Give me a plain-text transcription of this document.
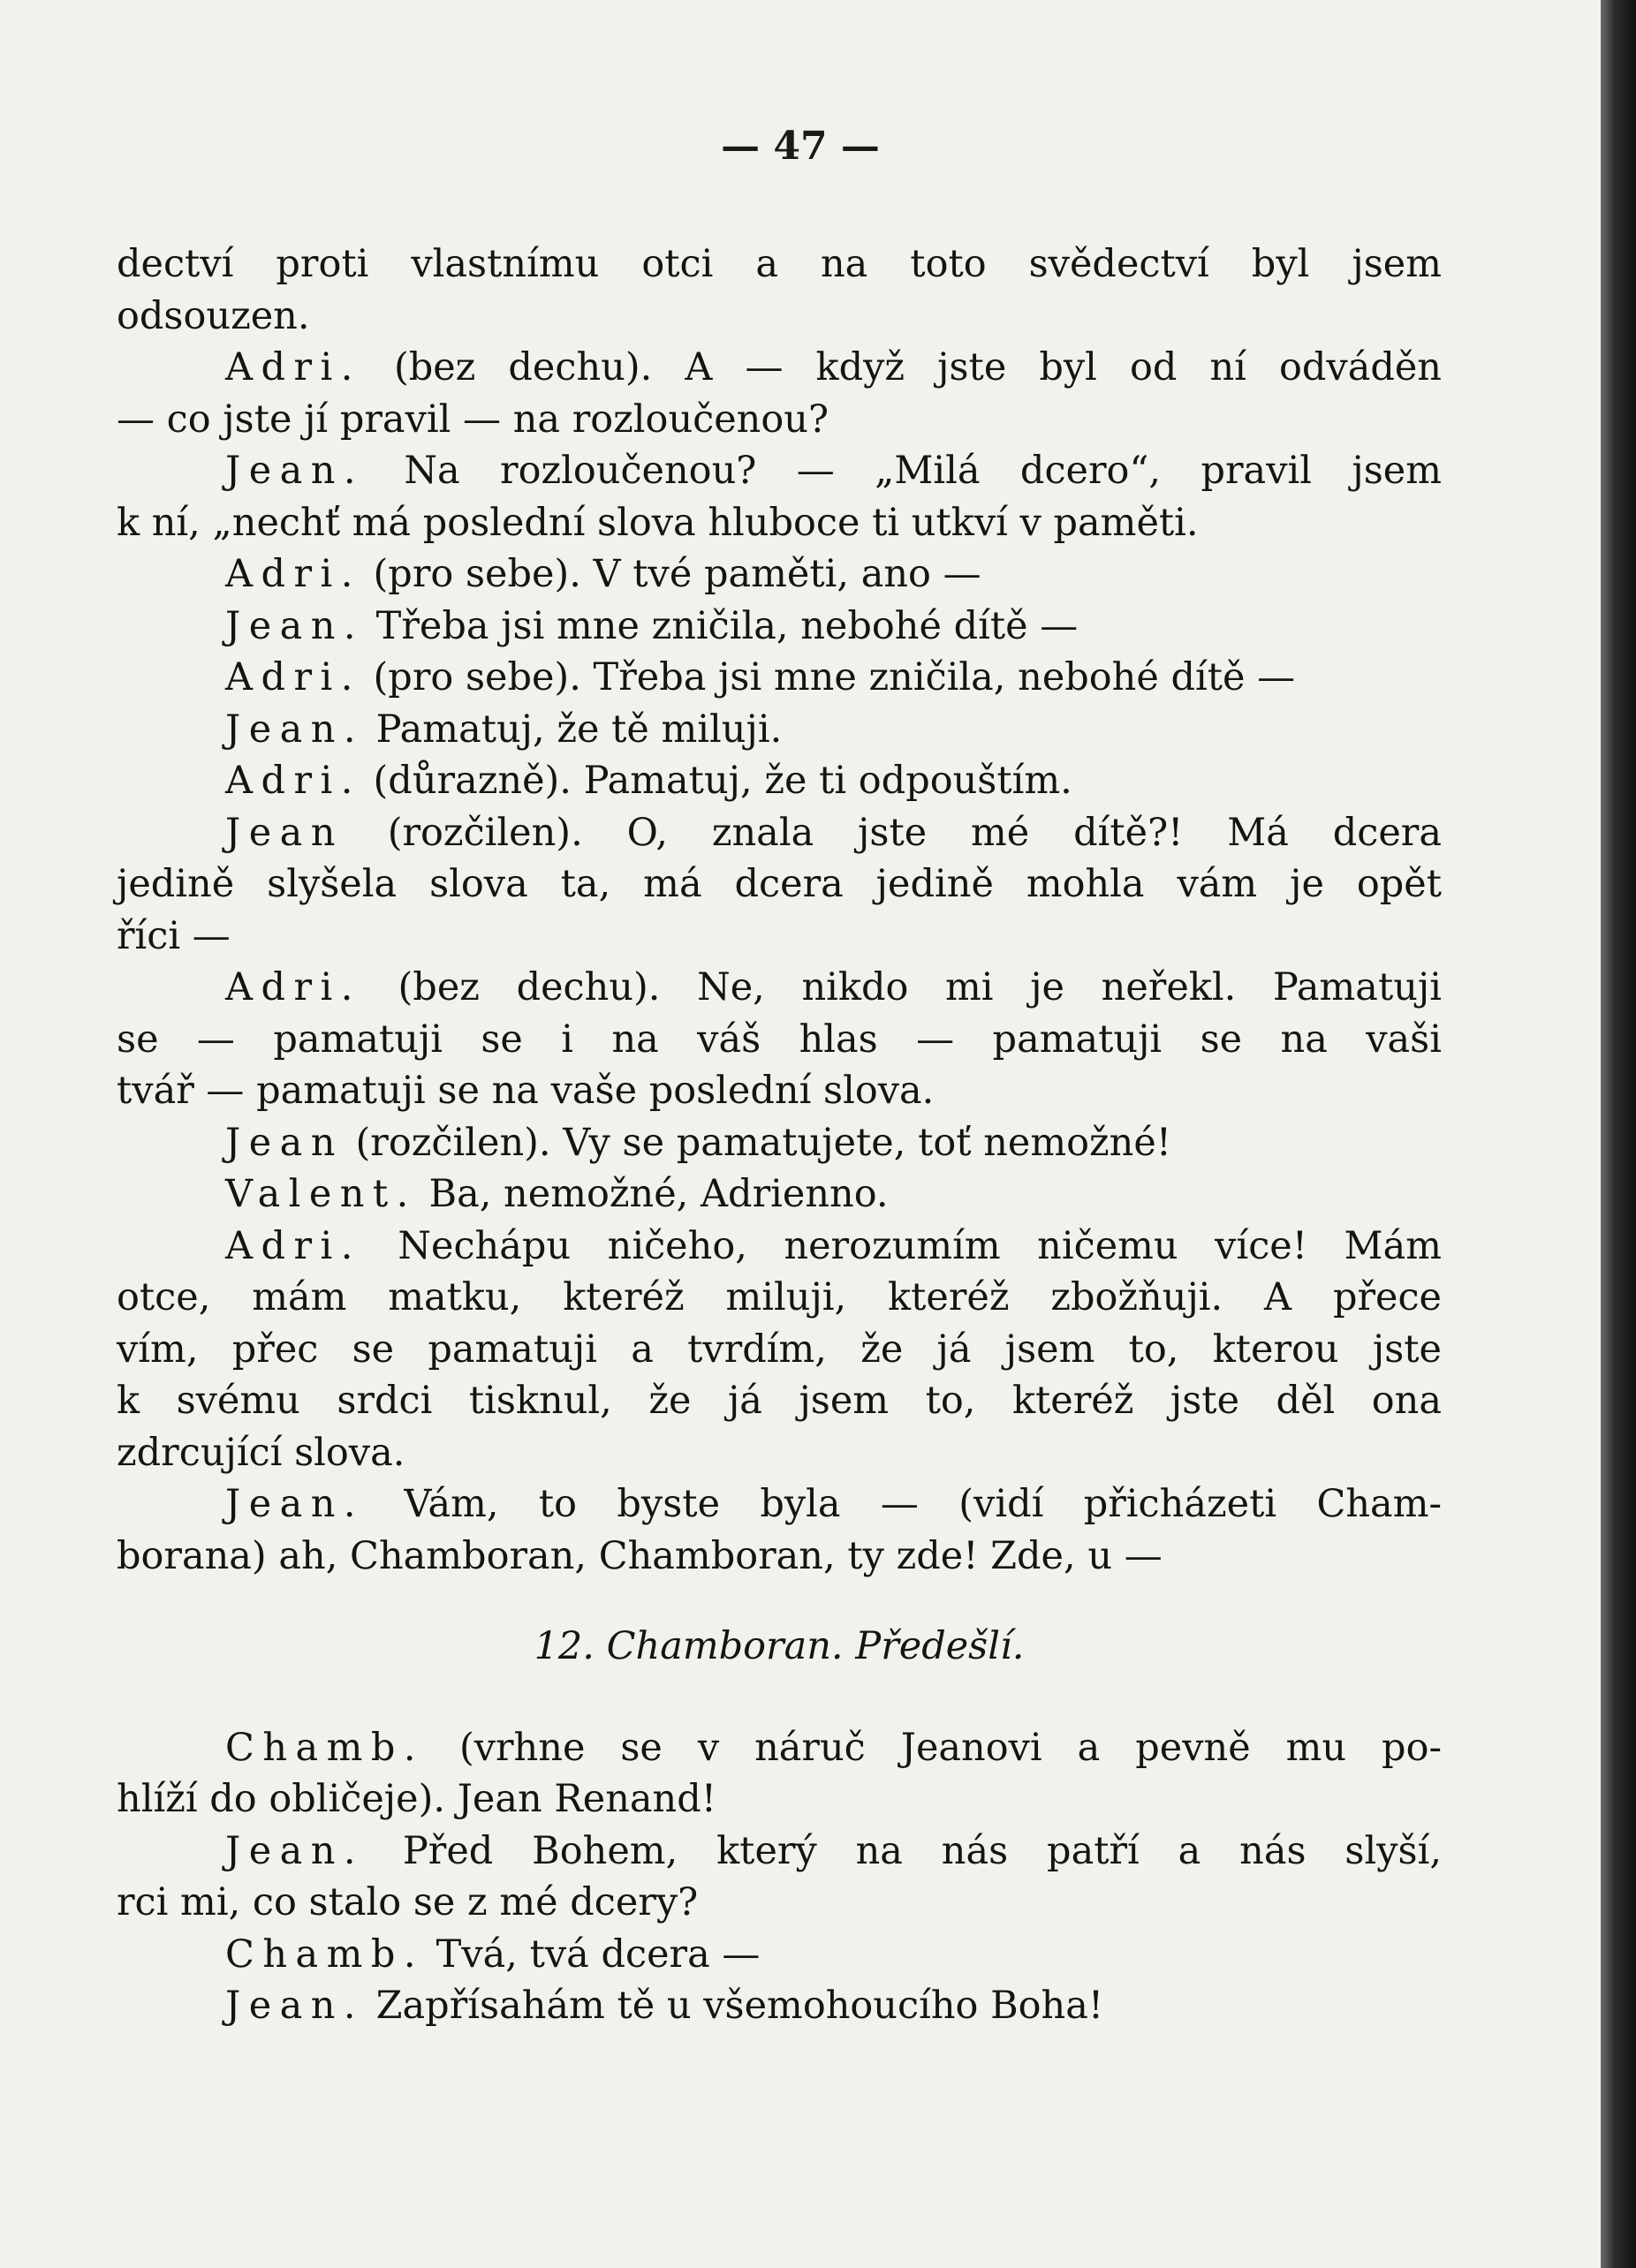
— 47 —

dectví proti vlastnímu otci a na toto svědectví byl jsem
odsouzen.
Adri. (bez dechu). A — když jste byl od ní odváděn
— co jste jí pravil — na rozloučenou?
Jean. Na rozloučenou? — „Milá dcero“, pravil jsem
k ní, „nechť má poslední slova hluboce ti utkví v paměti.
Adri. (pro sebe). V tvé paměti, ano —
Jean. Třeba jsi mne zničila, nebohé dítě —
Adri. (pro sebe). Třeba jsi mne zničila, nebohé dítě —
Jean. Pamatuj, že tě miluji.
Adri. (důrazně). Pamatuj, že ti odpouštím.
Jean (rozčilen). O, znala jste mé dítě?! Má dcera
jedině slyšela slova ta, má dcera jedině mohla vám je opět
říci —
Adri. (bez dechu). Ne, nikdo mi je neřekl. Pamatuji
se — pamatuji se i na váš hlas — pamatuji se na vaši
tvář — pamatuji se na vaše poslední slova.
Jean (rozčilen). Vy se pamatujete, toť nemožné!
Valent. Ba, nemožné, Adrienno.
Adri. Nechápu ničeho, nerozumím ničemu více! Mám
otce, mám matku, kteréž miluji, kteréž zbožňuji. A přece
vím, přec se pamatuji a tvrdím, že já jsem to, kterou jste
k svému srdci tisknul, že já jsem to, kteréž jste děl ona
zdrcující slova.
Jean. Vám, to byste byla — (vidí přicházeti Cham-
borana) ah, Chamboran, Chamboran, ty zde! Zde, u —
12. Chamboran. Předešlí.
Chamb. (vrhne se v náruč Jeanovi a pevně mu po-
hlíží do obličeje). Jean Renand!
Jean. Před Bohem, který na nás patří a nás slyší,
rci mi, co stalo se z mé dcery?
Chamb. Tvá, tvá dcera —
Jean. Zapřísahám tě u všemohoucího Boha!
